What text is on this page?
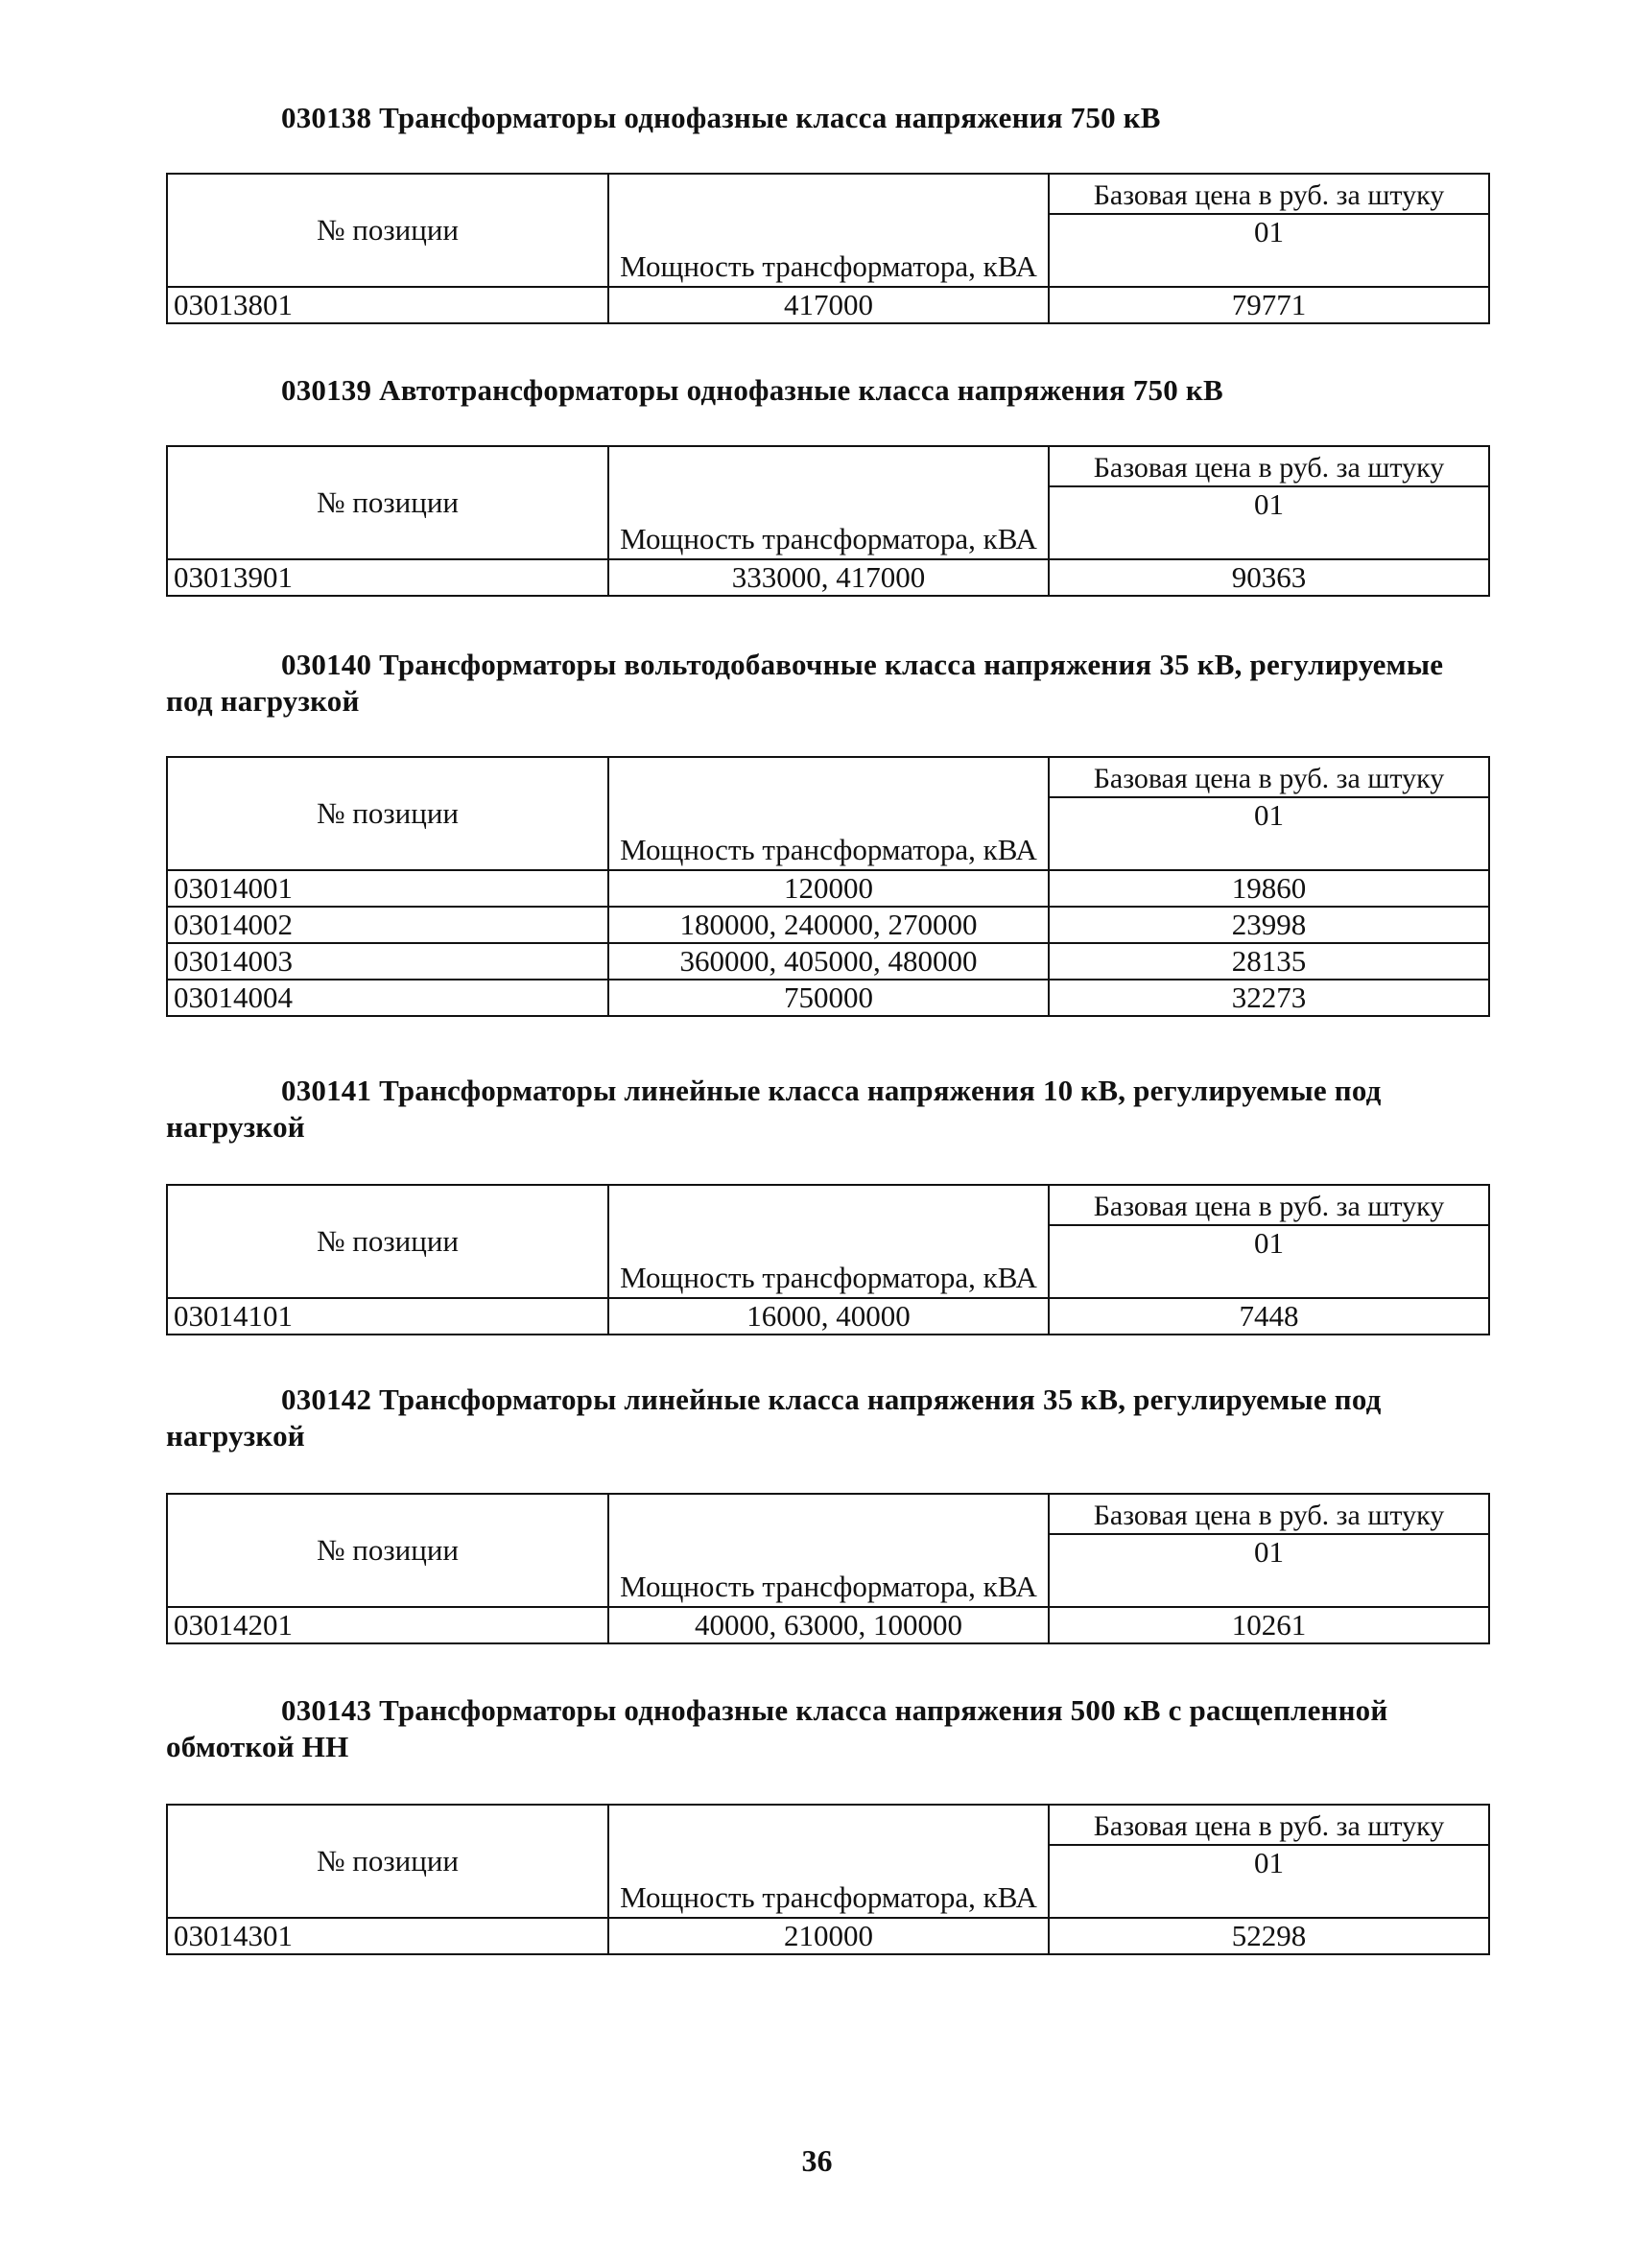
030138 Трансформаторы однофазные класса напряжения 750 кВ

№ позиции	Мощность трансформатора, кВА	Базовая цена в руб. за штуку
		01
03013801	417000	79771

030139 Автотрансформаторы однофазные класса напряжения 750 кВ

№ позиции	Мощность трансформатора, кВА	Базовая цена в руб. за штуку
		01
03013901	333000, 417000	90363

030140 Трансформаторы вольтодобавочные класса напряжения 35 кВ, регулируемые под нагрузкой

№ позиции	Мощность трансформатора, кВА	Базовая цена в руб. за штуку
		01
03014001	120000	19860
03014002	180000, 240000, 270000	23998
03014003	360000, 405000, 480000	28135
03014004	750000	32273

030141 Трансформаторы линейные класса напряжения 10 кВ, регулируемые под нагрузкой

№ позиции	Мощность трансформатора, кВА	Базовая цена в руб. за штуку
		01
03014101	16000, 40000	7448

030142 Трансформаторы линейные класса напряжения 35 кВ, регулируемые под нагрузкой

№ позиции	Мощность трансформатора, кВА	Базовая цена в руб. за штуку
		01
03014201	40000, 63000, 100000	10261

030143 Трансформаторы однофазные класса напряжения 500 кВ с расщепленной обмоткой НН

№ позиции	Мощность трансформатора, кВА	Базовая цена в руб. за штуку
		01
03014301	210000	52298
36
